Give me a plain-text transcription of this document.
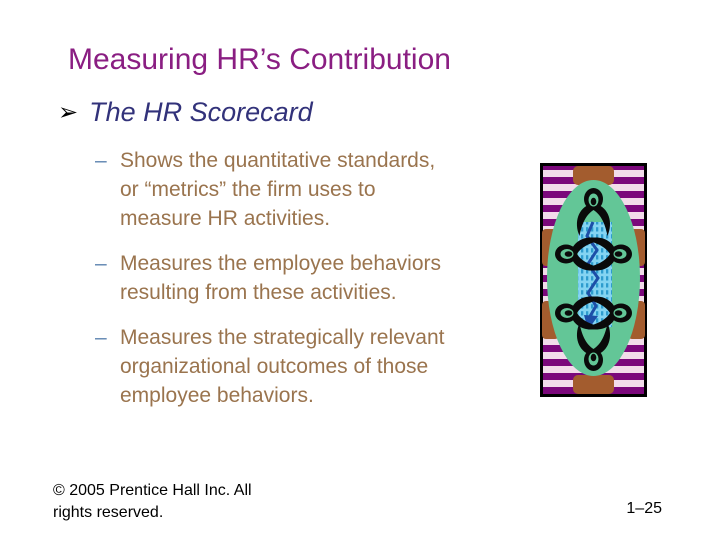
Measuring HR’s Contribution
➢ The HR Scorecard
– Shows the quantitative standards,
or “metrics” the firm uses to
measure HR activities.
– Measures the employee behaviors
resulting from these activities.
– Measures the strategically relevant
organizational outcomes of those
employee behaviors.
© 2005 Prentice Hall Inc. All
rights reserved.	1–25
